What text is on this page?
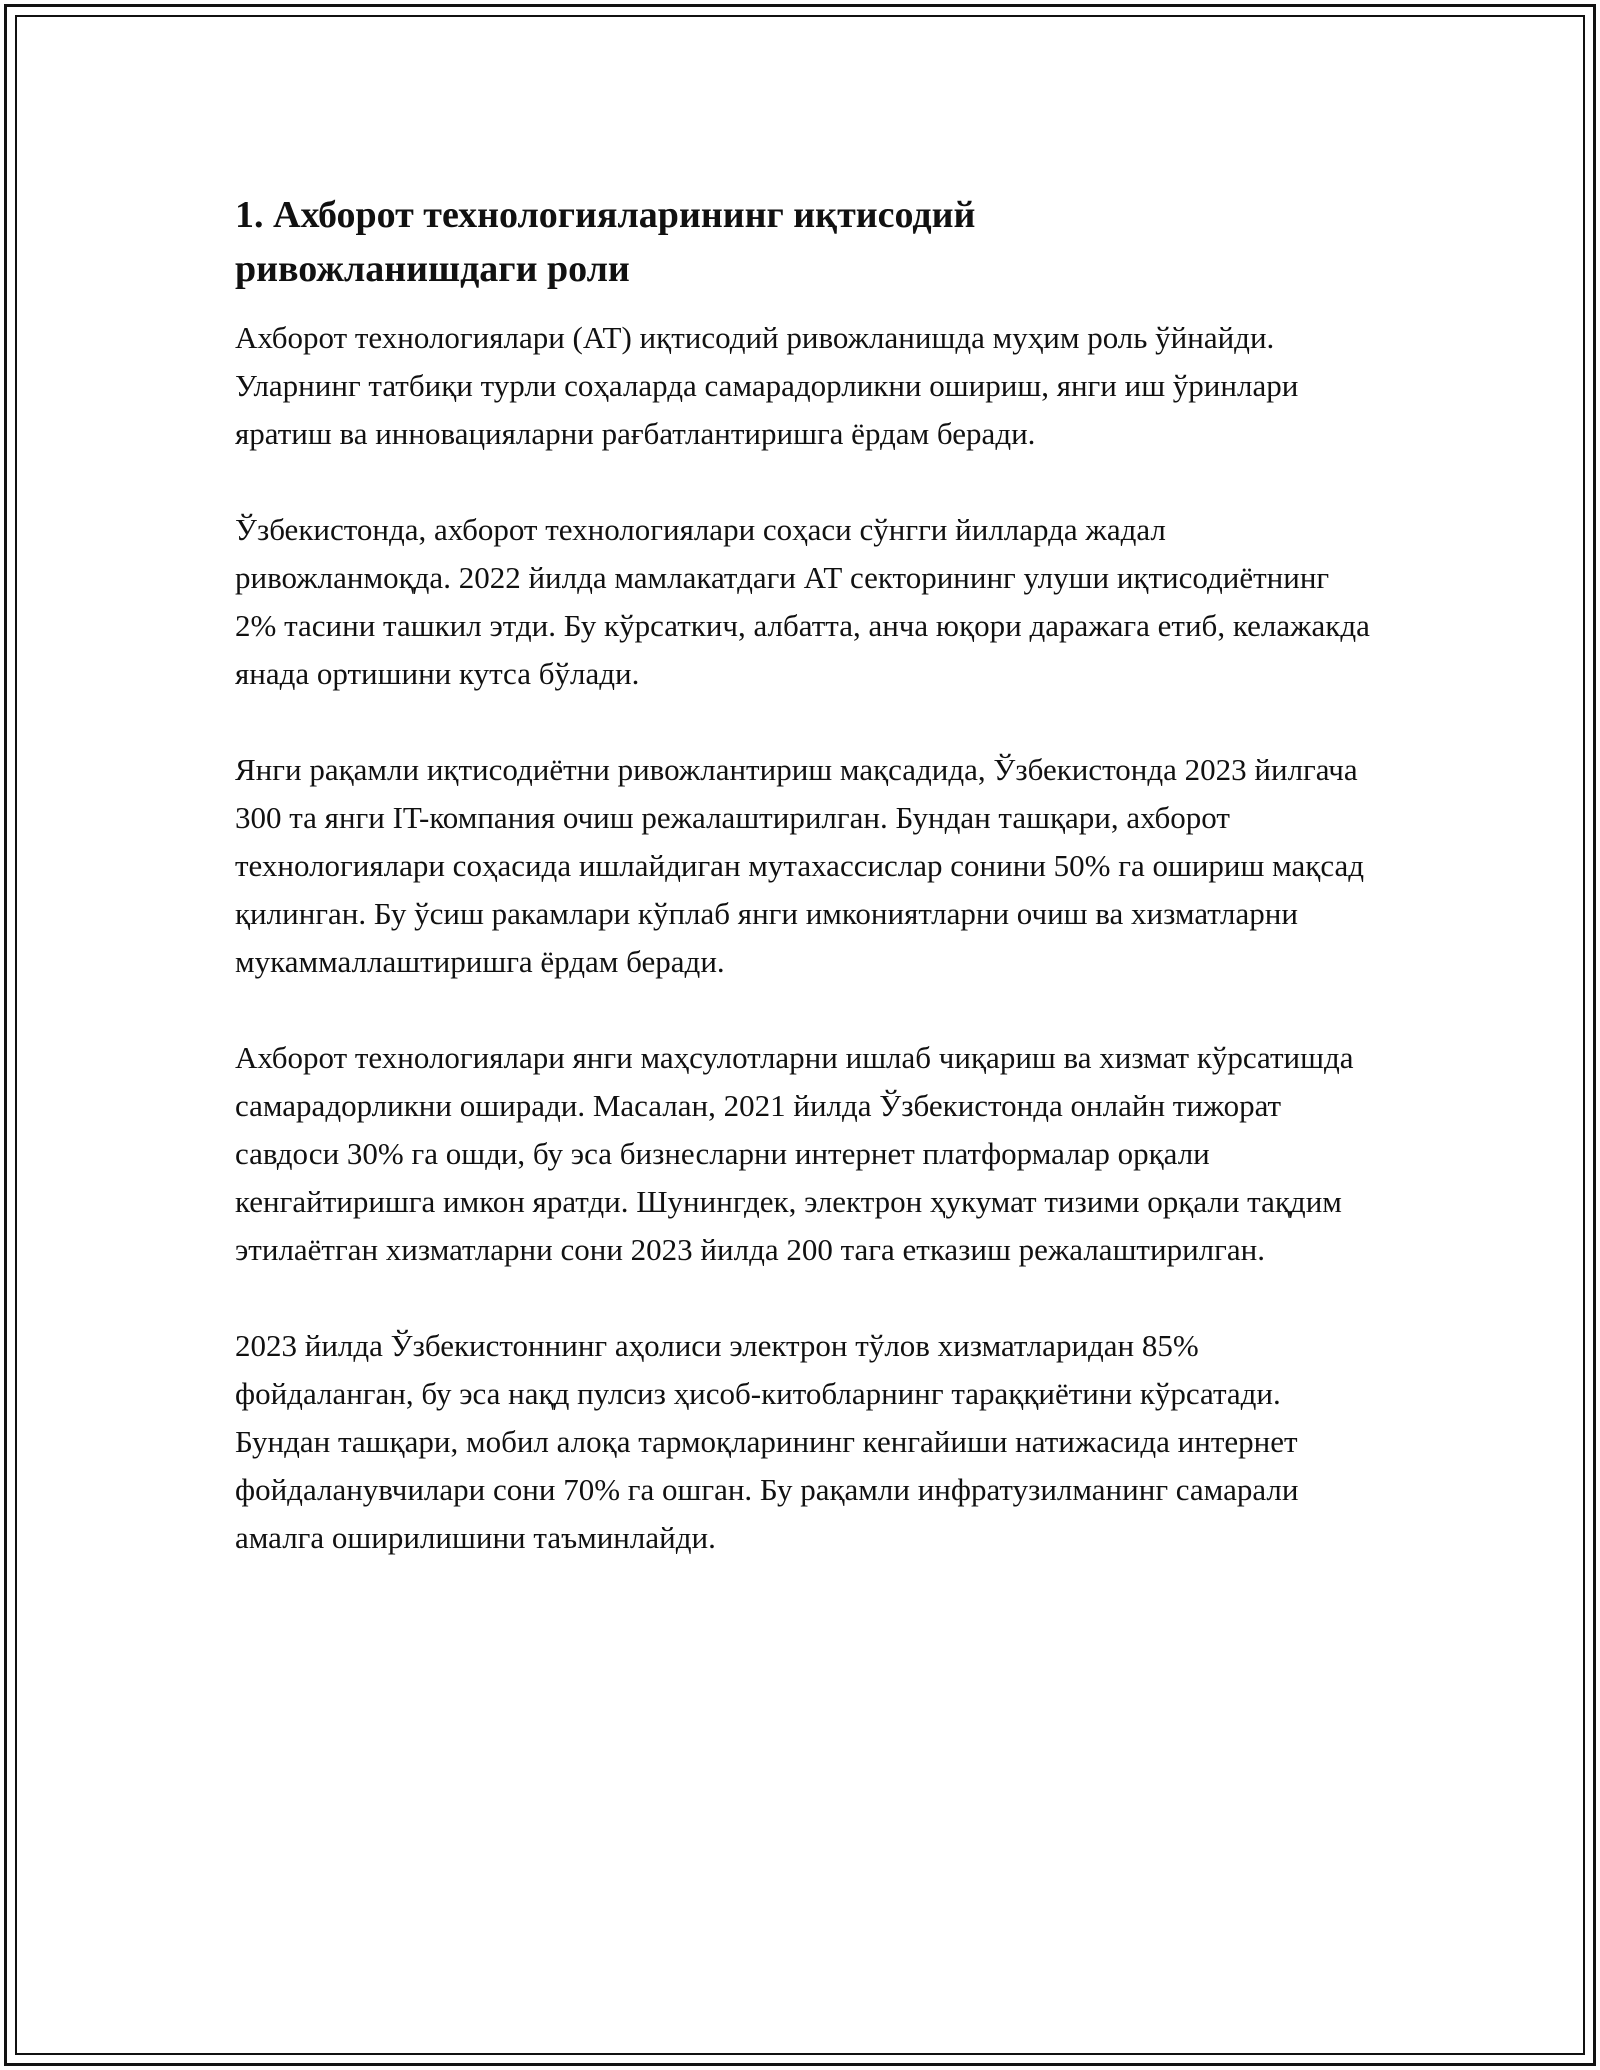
1. Ахборот технологияларининг иқтисодий ривожланишдаги роли

Ахборот технологиялари (АТ) иқтисодий ривожланишда муҳим роль ўйнайди. Уларнинг татбиқи турли соҳаларда самарадорликни ошириш, янги иш ўринлари яратиш ва инновацияларни рағбатлантиришга ёрдам беради.

Ўзбекистонда, ахборот технологиялари соҳаси сўнгги йилларда жадал ривожланмоқда. 2022 йилда мамлакатдаги АТ секторининг улуши иқтисодиётнинг 2% тасини ташкил этди. Бу кўрсаткич, албатта, анча юқори даражага етиб, келажакда янада ортишини кутса бўлади.

Янги рақамли иқтисодиётни ривожлантириш мақсадида, Ўзбекистонда 2023 йилгача 300 та янги IT-компания очиш режалаштирилган. Бундан ташқари, ахборот технологиялари соҳасида ишлайдиган мутахассислар сонини 50% га ошириш мақсад қилинган. Бу ўсиш ракамлари кўплаб янги имкониятларни очиш ва хизматларни мукаммаллаштиришга ёрдам беради.

Ахборот технологиялари янги маҳсулотларни ишлаб чиқариш ва хизмат кўрсатишда самарадорликни оширади. Масалан, 2021 йилда Ўзбекистонда онлайн тижорат савдоси 30% га ошди, бу эса бизнесларни интернет платформалар орқали кенгайтиришга имкон яратди. Шунингдек, электрон ҳукумат тизими орқали тақдим этилаётган хизматларни сони 2023 йилда 200 тага етказиш режалаштирилган.

2023 йилда Ўзбекистоннинг аҳолиси электрон тўлов хизматларидан 85% фойдаланган, бу эса нақд пулсиз ҳисоб-китобларнинг тараққиётини кўрсатади. Бундан ташқари, мобил алоқа тармоқларининг кенгайиши натижасида интернет фойдаланувчилари сони 70% га ошган. Бу рақамли инфратузилманинг самарали амалга оширилишини таъминлайди.
